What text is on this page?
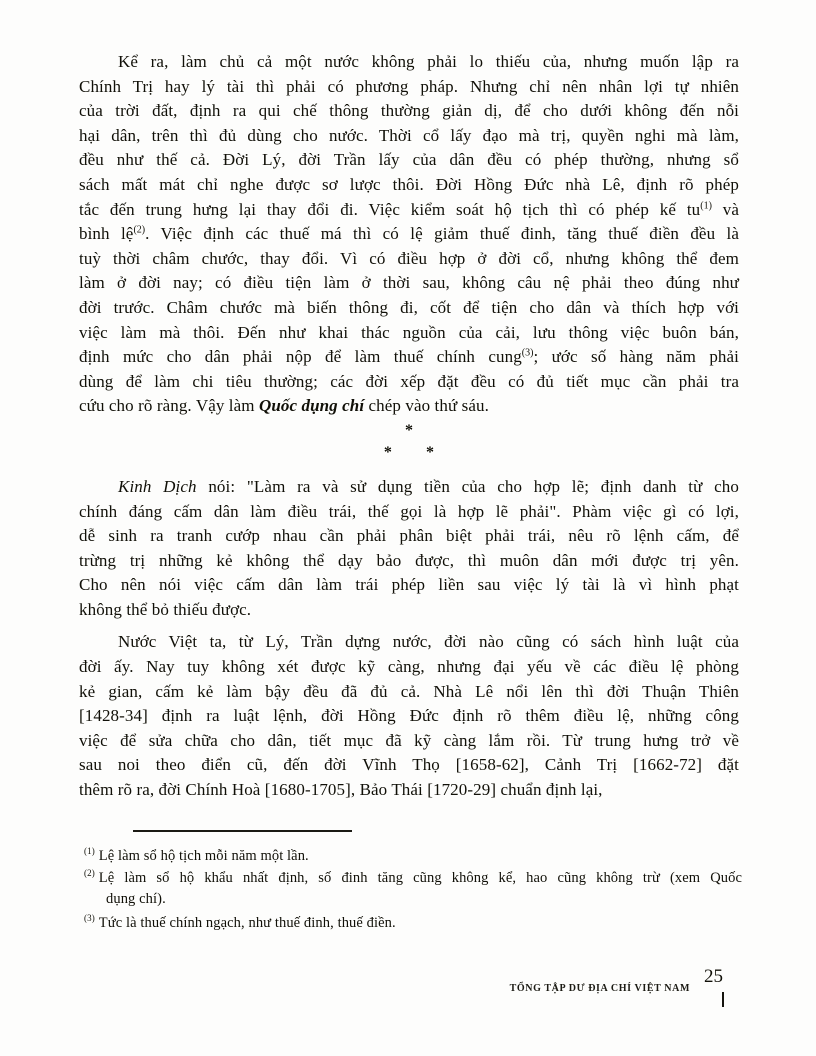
Kể ra, làm chủ cả một nước không phải lo thiếu của, nhưng muốn lập ra
Chính Trị hay lý tài thì phải có phương pháp. Nhưng chỉ nên nhân lợi tự nhiên
của trời đất, định ra qui chế thông thường giản dị, để cho dưới không đến nỗi
hại dân, trên thì đủ dùng cho nước. Thời cổ lấy đạo mà trị, quyền nghi mà làm,
đều như thế cả. Đời Lý, đời Trần lấy của dân đều có phép thường, nhưng sổ
sách mất mát chỉ nghe được sơ lược thôi. Đời Hồng Đức nhà Lê, định rõ phép
tắc đến trung hưng lại thay đổi đi. Việc kiểm soát hộ tịch thì có phép kế $tu^{(1)}$ và
bình lệ$^{(2)}$. Việc định các thuế má thì có lệ giảm thuế đinh, tăng thuế điền đều là
tuỳ thời châm chước, thay đổi. Vì có điều hợp ở đời cổ, nhưng không thể đem
làm ở đời nay; có điều tiện làm ở thời sau, không câu nệ phải theo đúng như
đời trước. Châm chước mà biến thông đi, cốt để tiện cho dân và thích hợp với
việc làm mà thôi. Đến như khai thác nguồn của cải, lưu thông việc buôn bán,
định mức cho dân phải nộp để làm thuế chính cung$^{(3)}$; ước số hàng năm phải
dùng để làm chi tiêu thường; các đời xếp đặt đều có đủ tiết mục cần phải tra
cứu cho rõ ràng. Vậy làm Quốc dụng chí chép vào thứ sáu.
*
* *
Kinh Dịch nói: "Làm ra và sử dụng tiền của cho hợp lẽ; định danh từ cho
chính đáng cấm dân làm điều trái, thế gọi là hợp lẽ phải". Phàm việc gì có lợi,
dễ sinh ra tranh cướp nhau cần phải phân biệt phải trái, nêu rõ lệnh cấm, để
trừng trị những kẻ không thể dạy bảo được, thì muôn dân mới được trị yên.
Cho nên nói việc cấm dân làm trái phép liền sau việc lý tài là vì hình phạt
không thể bỏ thiếu được.
Nước Việt ta, từ Lý, Trần dựng nước, đời nào cũng có sách hình luật của
đời ấy. Nay tuy không xét được kỹ càng, nhưng đại yếu về các điều lệ phòng
kẻ gian, cấm kẻ làm bậy đều đã đủ cả. Nhà Lê nổi lên thì đời Thuận Thiên
[1428-34] định ra luật lệnh, đời Hồng Đức định rõ thêm điều lệ, những công
việc để sửa chữa cho dân, tiết mục đã kỹ càng lắm rồi. Từ trung hưng trở về
sau noi theo điển cũ, đến đời Vĩnh Thọ [1658-62], Cảnh Trị [1662-72] đặt
thêm rõ ra, đời Chính Hoà [1680-1705], Bảo Thái [1720-29] chuẩn định lại,
$^{(1)}$ Lệ làm sổ hộ tịch mỗi năm một lần.
$^{(2)}$ Lệ làm sổ hộ khẩu nhất định, số đinh tăng cũng không kể, hao cũng không trừ (xem Quốc
dụng chí).
$^{(3)}$ Tức là thuế chính ngạch, như thuế đinh, thuế điền.
TỔNG TẬP DƯ ĐỊA CHÍ VIỆT NAM
25
